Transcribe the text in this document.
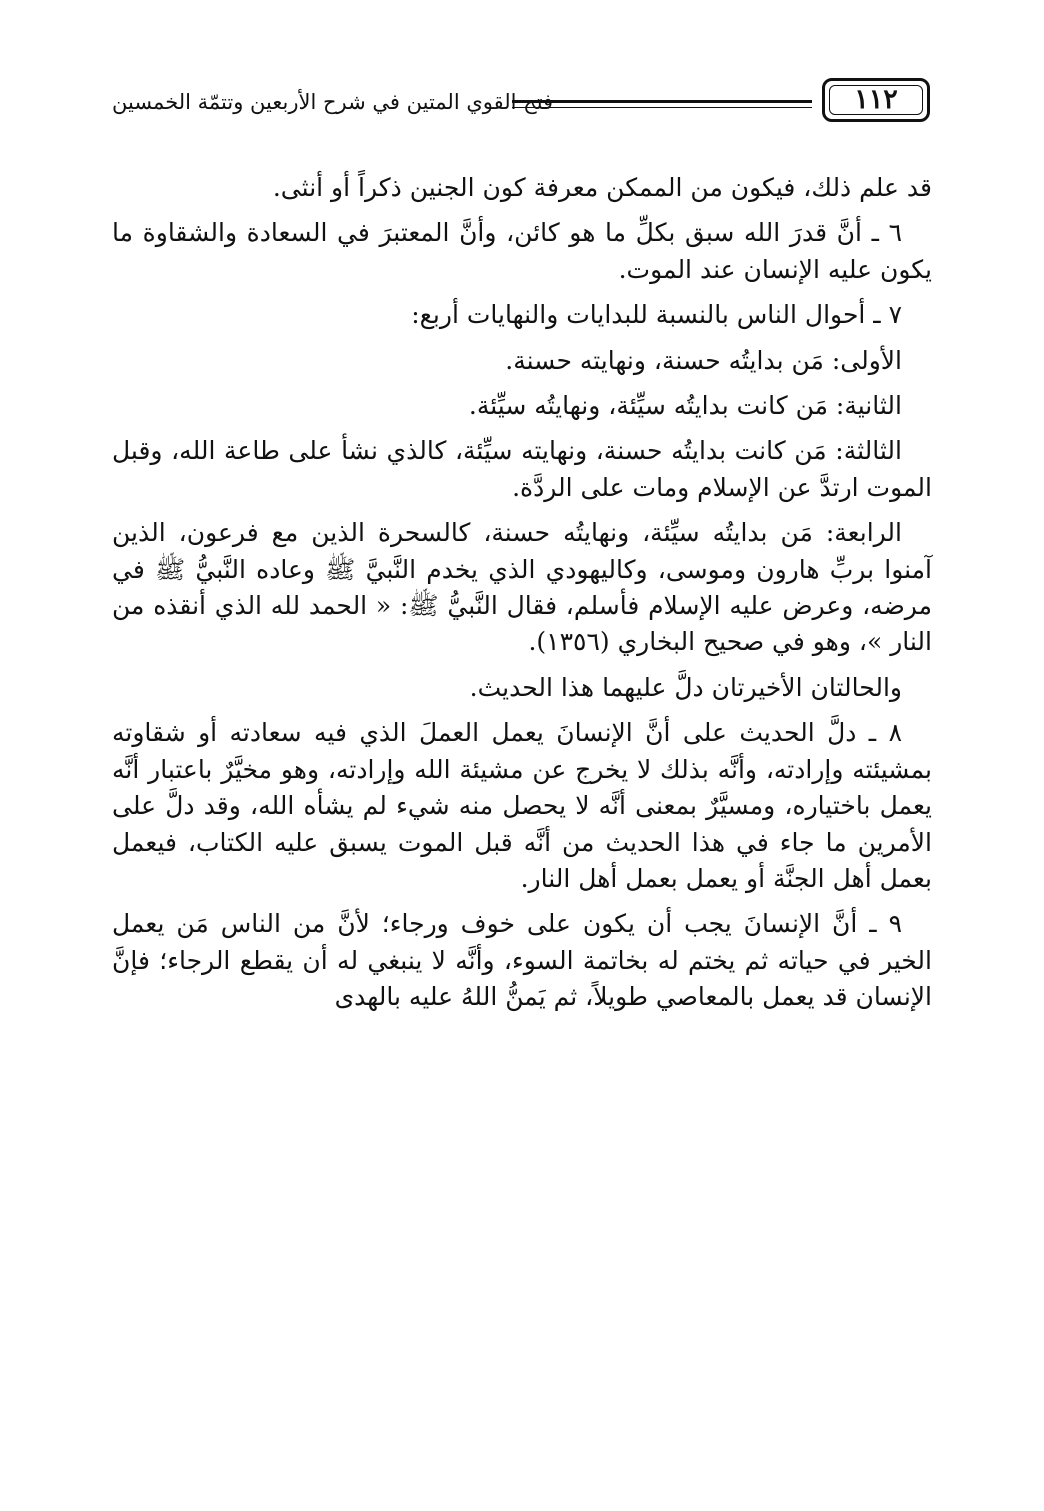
فتح القوي المتين في شرح الأربعين وتتمّة الخمسين	١١٢

قد علم ذلك، فيكون من الممكن معرفة كون الجنين ذكراً أو أنثى.

٦ ـ أنَّ قدرَ الله سبق بكلِّ ما هو كائن، وأنَّ المعتبرَ في السعادة والشقاوة ما يكون عليه الإنسان عند الموت.

٧ ـ أحوال الناس بالنسبة للبدايات والنهايات أربع:

الأولى: مَن بدايتُه حسنة، ونهايته حسنة.

الثانية: مَن كانت بدايتُه سيِّئة، ونهايتُه سيِّئة.

الثالثة: مَن كانت بدايتُه حسنة، ونهايته سيِّئة، كالذي نشأ على طاعة الله، وقبل الموت ارتدَّ عن الإسلام ومات على الردَّة.

الرابعة: مَن بدايتُه سيِّئة، ونهايتُه حسنة، كالسحرة الذين مع فرعون، الذين آمنوا بربِّ هارون وموسى، وكاليهودي الذي يخدم النَّبيَّ ﷺ وعاده النَّبيُّ ﷺ في مرضه، وعرض عليه الإسلام فأسلم، فقال النَّبيُّ ﷺ: « الحمد لله الذي أنقذه من النار »، وهو في صحيح البخاري (١٣٥٦).

والحالتان الأخيرتان دلَّ عليهما هذا الحديث.

٨ ـ دلَّ الحديث على أنَّ الإنسانَ يعمل العملَ الذي فيه سعادته أو شقاوته بمشيئته وإرادته، وأنَّه بذلك لا يخرج عن مشيئة الله وإرادته، وهو مخيَّرٌ باعتبار أنَّه يعمل باختياره، ومسيَّرٌ بمعنى أنَّه لا يحصل منه شيء لم يشأه الله، وقد دلَّ على الأمرين ما جاء في هذا الحديث من أنَّه قبل الموت يسبق عليه الكتاب، فيعمل بعمل أهل الجنَّة أو يعمل بعمل أهل النار.

٩ ـ أنَّ الإنسانَ يجب أن يكون على خوف ورجاء؛ لأنَّ من الناس مَن يعمل الخير في حياته ثم يختم له بخاتمة السوء، وأنَّه لا ينبغي له أن يقطع الرجاء؛ فإنَّ الإنسان قد يعمل بالمعاصي طويلاً، ثم يَمنُّ اللهُ عليه بالهدى
